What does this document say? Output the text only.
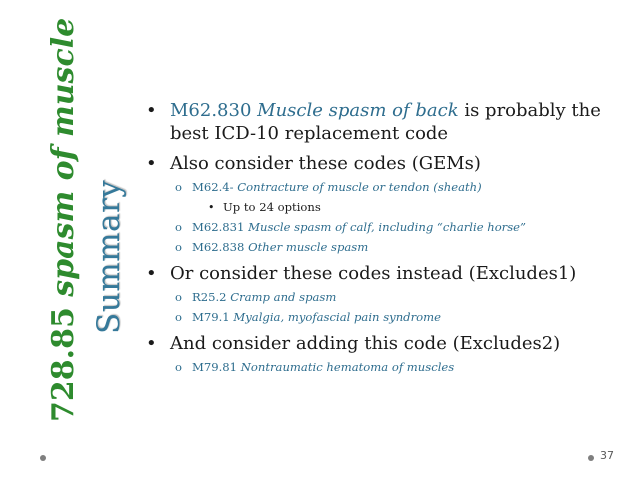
728.85 spasm of muscle Summary
• M62.830 Muscle spasm of back is probably the best ICD-10 replacement code
• Also consider these codes (GEMs)
o M62.4- Contracture of muscle or tendon (sheath)
• Up to 24 options
o M62.831 Muscle spasm of calf, including “charlie horse”
o M62.838 Other muscle spasm
• Or consider these codes instead (Excludes1)
o R25.2 Cramp and spasm
o M79.1 Myalgia, myofascial pain syndrome
• And consider adding this code (Excludes2)
o M79.81 Nontraumatic hematoma of muscles
37
